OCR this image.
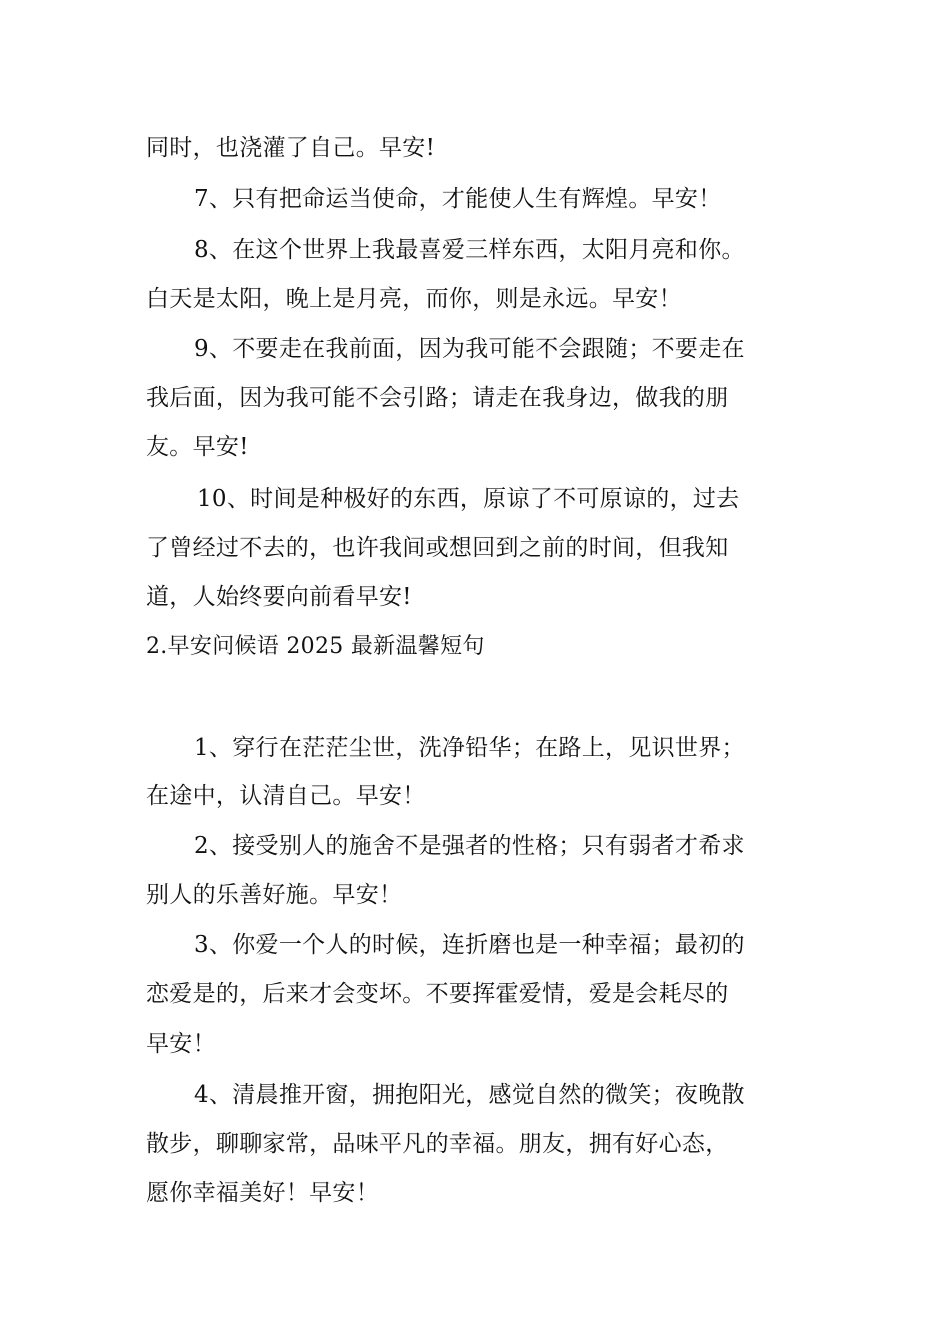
同时，也浇灌了自己。早安!
7、只有把命运当使命，才能使人生有辉煌。早安！
8、在这个世界上我最喜爱三样东西，太阳月亮和你。
白天是太阳，晚上是月亮，而你，则是永远。早安！
9、不要走在我前面，因为我可能不会跟随；不要走在
我后面，因为我可能不会引路；请走在我身边，做我的朋
友。早安!
10、时间是种极好的东西，原谅了不可原谅的，过去
了曾经过不去的，也许我间或想回到之前的时间，但我知
道，人始终要向前看早安!
2.早安问候语 2025 最新温馨短句
1、穿行在茫茫尘世，洗净铅华；在路上，见识世界；
在途中，认清自己。早安！
2、接受别人的施舍不是强者的性格；只有弱者才希求
别人的乐善好施。早安！
3、你爱一个人的时候，连折磨也是一种幸福；最初的
恋爱是的，后来才会变坏。不要挥霍爱情，爱是会耗尽的
早安！
4、清晨推开窗，拥抱阳光，感觉自然的微笑；夜晚散
散步，聊聊家常，品味平凡的幸福。朋友，拥有好心态，
愿你幸福美好！早安！
